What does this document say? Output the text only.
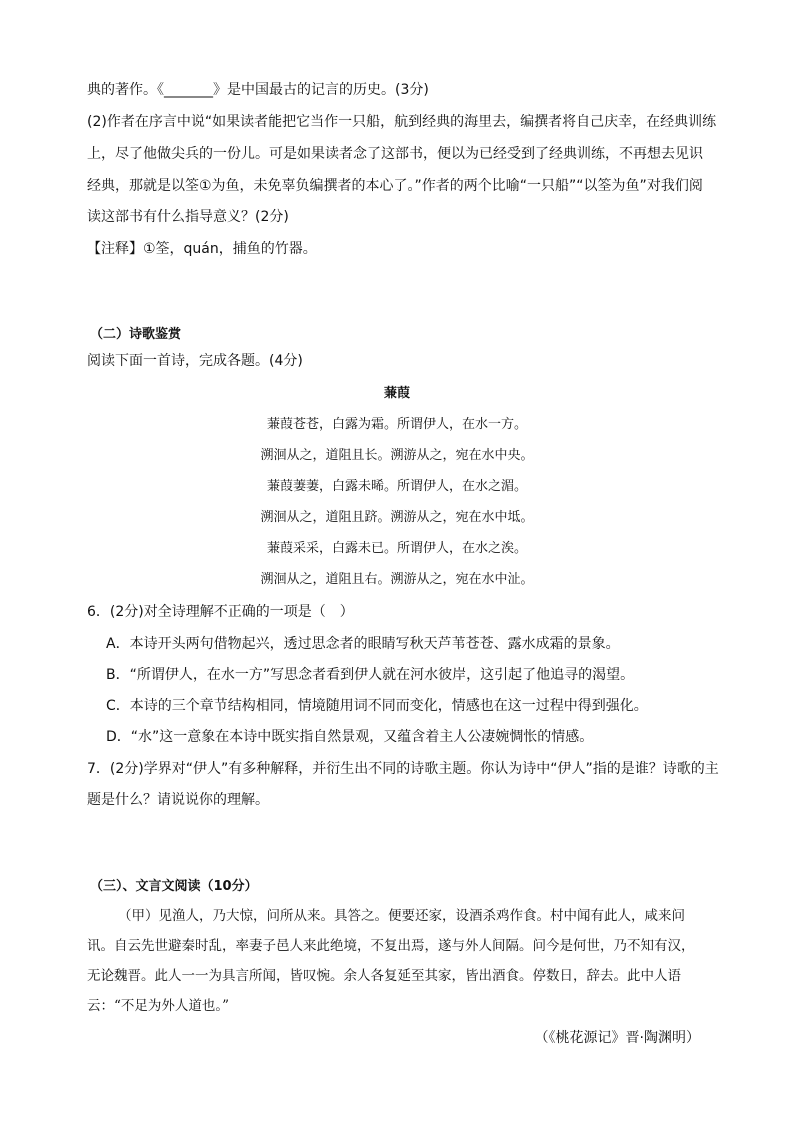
典的著作。《_______》是中国最古的记言的历史。(3分)
(2)作者在序言中说“如果读者能把它当作一只船，航到经典的海里去，编撰者将自己庆幸，在经典训练
上，尽了他做尖兵的一份儿。可是如果读者念了这部书，便以为已经受到了经典训练，不再想去见识
经典，那就是以筌①为鱼，未免辜负编撰者的本心了。”作者的两个比喻“一只船”“以筌为鱼”对我们阅
读这部书有什么指导意义？(2分)
【注释】①筌，quán，捕鱼的竹器。
（二）诗歌鉴赏
阅读下面一首诗，完成各题。(4分)
蒹葭
蒹葭苍苍，白露为霜。所谓伊人，在水一方。
溯洄从之，道阻且长。溯游从之，宛在水中央。
蒹葭萋萋，白露未晞。所谓伊人，在水之湄。
溯洄从之，道阻且跻。溯游从之，宛在水中坻。
蒹葭采采，白露未已。所谓伊人，在水之涘。
溯洄从之，道阻且右。溯游从之，宛在水中沚。
6．(2分)对全诗理解不正确的一项是（　）
A．本诗开头两句借物起兴，透过思念者的眼睛写秋天芦苇苍苍、露水成霜的景象。
B．“所谓伊人，在水一方”写思念者看到伊人就在河水彼岸，这引起了他追寻的渴望。
C．本诗的三个章节结构相同，情境随用词不同而变化，情感也在这一过程中得到强化。
D．“水”这一意象在本诗中既实指自然景观，又蕴含着主人公凄婉惆怅的情感。
7．(2分)学界对“伊人”有多种解释，并衍生出不同的诗歌主题。你认为诗中“伊人”指的是谁？诗歌的主
题是什么？请说说你的理解。
（三）、文言文阅读（10分）
（甲）见渔人，乃大惊，问所从来。具答之。便要还家，设酒杀鸡作食。村中闻有此人，咸来问
讯。自云先世避秦时乱，率妻子邑人来此绝境，不复出焉，遂与外人间隔。问今是何世，乃不知有汉，
无论魏晋。此人一一为具言所闻，皆叹惋。余人各复延至其家，皆出酒食。停数日，辞去。此中人语
云：“不足为外人道也。”
（《桃花源记》晋·陶渊明）
